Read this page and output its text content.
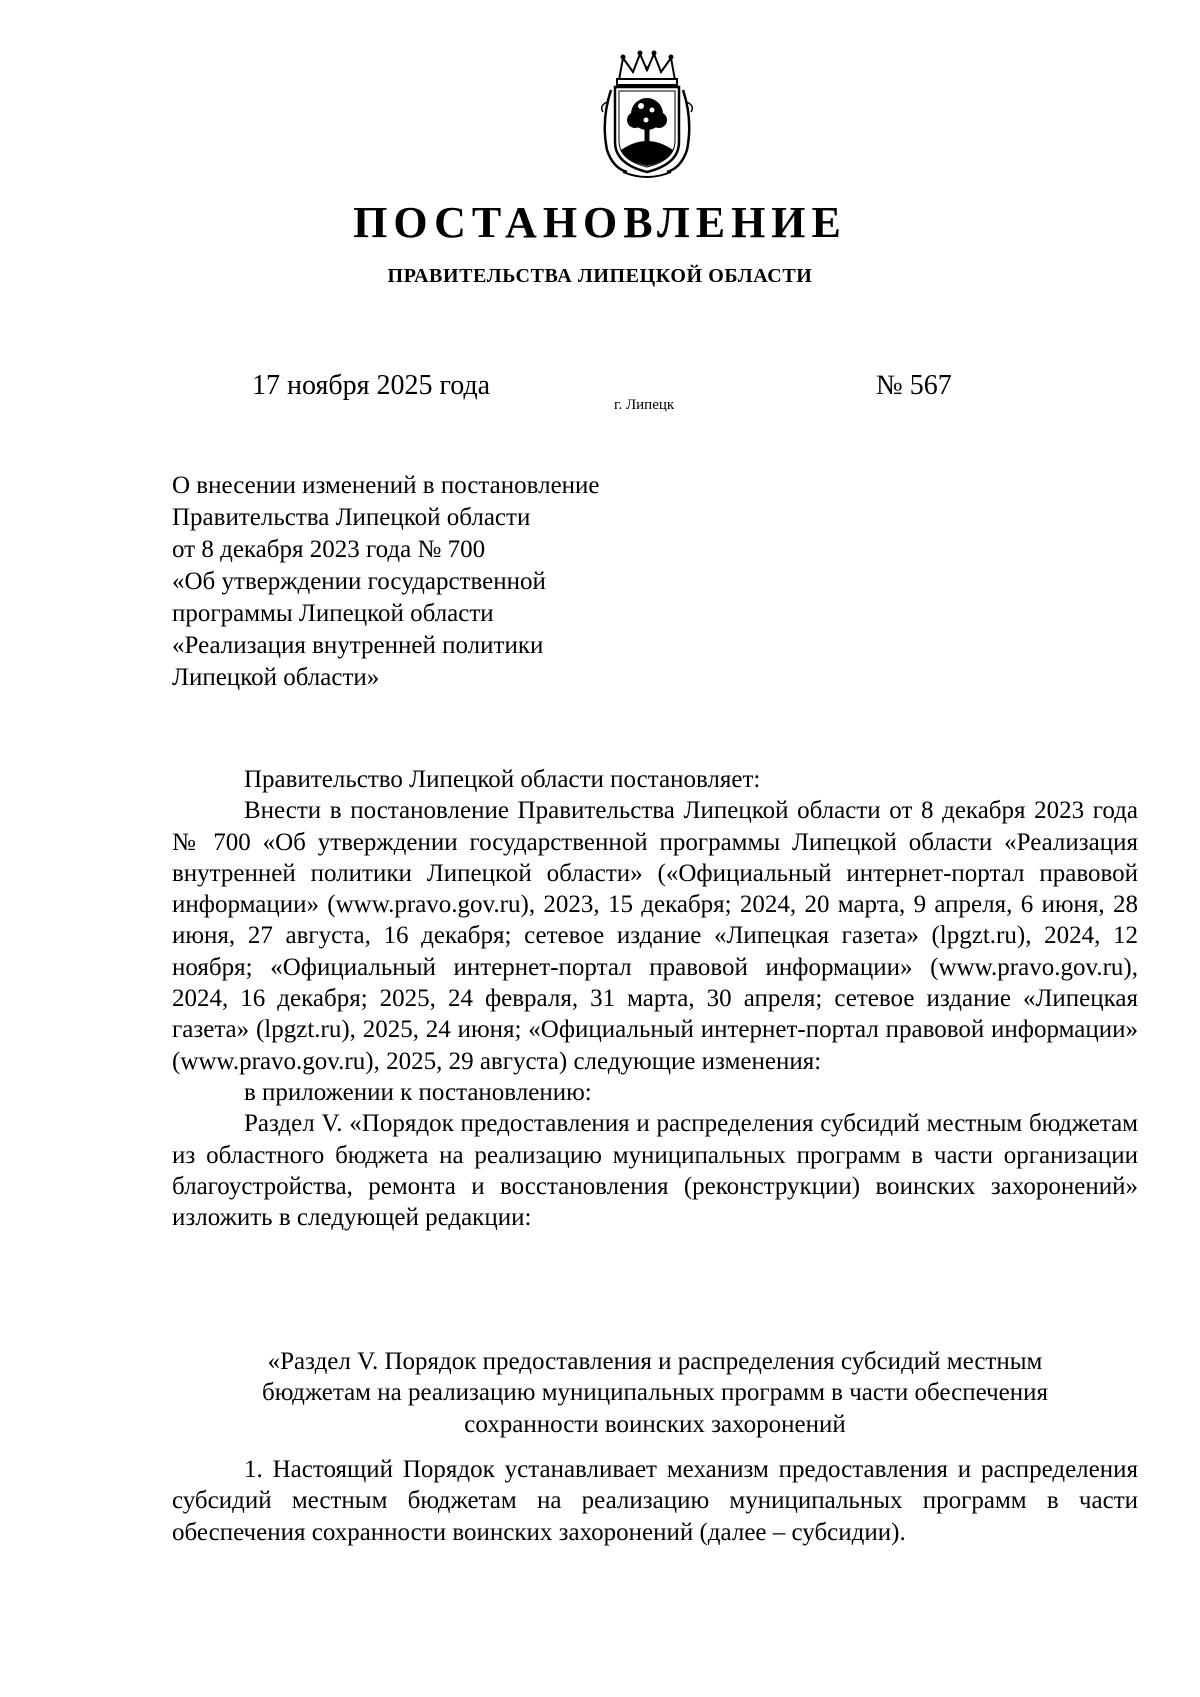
ПОСТАНОВЛЕНИЕ
ПРАВИТЕЛЬСТВА ЛИПЕЦКОЙ ОБЛАСТИ
17 ноября 2025 года
г. Липецк
№ 567
О внесении изменений в постановление
Правительства Липецкой области
от 8 декабря 2023 года № 700
«Об утверждении государственной
программы Липецкой области
«Реализация внутренней политики
Липецкой области»

Правительство Липецкой области постановляет:

Внести в постановление Правительства Липецкой области от 8 декабря 2023 года № 700 «Об утверждении государственной программы Липецкой области «Реализация внутренней политики Липецкой области» («Официальный интернет-портал правовой информации» (www.pravo.gov.ru), 2023, 15 декабря; 2024, 20 марта, 9 апреля, 6 июня, 28 июня, 27 августа, 16 декабря; сетевое издание «Липецкая газета» (lpgzt.ru), 2024, 12 ноября; «Официальный интернет-портал правовой информации» (www.pravo.gov.ru), 2024, 16 декабря; 2025, 24 февраля, 31 марта, 30 апреля; сетевое издание «Липецкая газета» (lpgzt.ru), 2025, 24 июня; «Официальный интернет-портал правовой информации» (www.pravo.gov.ru), 2025, 29 августа) следующие изменения:

в приложении к постановлению:

Раздел V. «Порядок предоставления и распределения субсидий местным бюджетам из областного бюджета на реализацию муниципальных программ в части организации благоустройства, ремонта и восстановления (реконструкции) воинских захоронений» изложить в следующей редакции:

«Раздел V. Порядок предоставления и распределения субсидий местным
бюджетам на реализацию муниципальных программ в части обеспечения
сохранности воинских захоронений

1. Настоящий Порядок устанавливает механизм предоставления и распределения субсидий местным бюджетам на реализацию муниципальных программ в части обеспечения сохранности воинских захоронений (далее – субсидии).
